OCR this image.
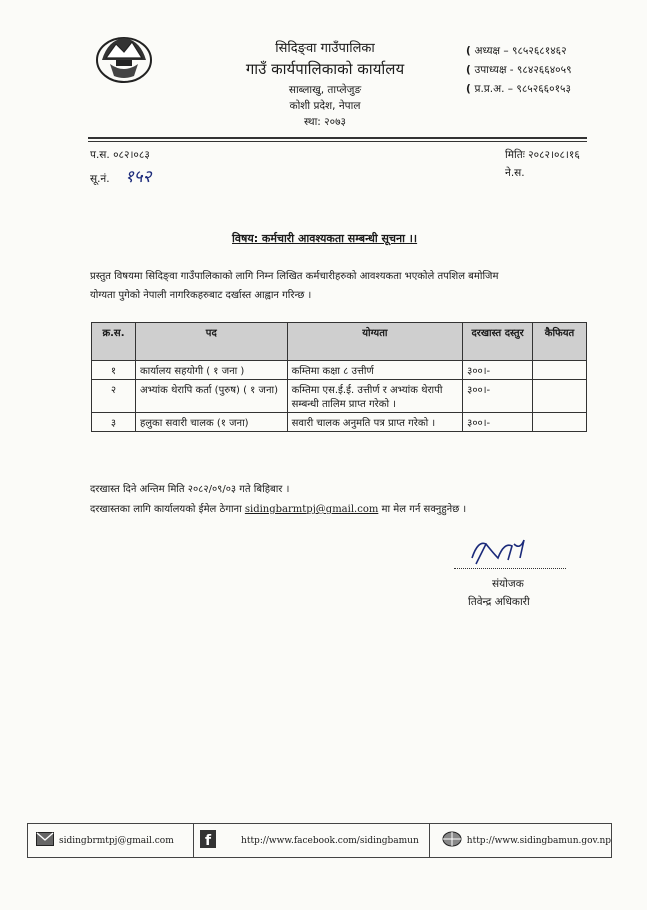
सिदिङ्वा गाउँपालिका
गाउँ कार्यपालिकाको कार्यालय
साब्लाखु, ताप्लेजुङ
कोशी प्रदेश, नेपाल
स्था: २०७३
( अध्यक्ष – ९८५२६८१४६२
( उपाध्यक्ष - ९८४२६६४०५९
( प्र.प्र.अ. – ९८५२६६०१५३
प.स. ०८२।०८३
सू.नं. १५२
मितिः २०८२।०८।१६
ने.स.
विषय: कर्मचारी आवश्यकता सम्बन्धी सूचना ।।
प्रस्तुत विषयमा सिदिङ्वा गाउँपालिकाको लागि निम्न लिखित कर्मचारीहरुको आवश्यकता भएकोले तपशिल बमोजिम
योग्यता पुगेको नेपाली नागरिकहरुबाट दर्खास्त आह्वान गरिन्छ ।
क्र.स.	पद	योग्यता	दरखास्त दस्तुर	कैफियत
१	कार्यालय सहयोगी ( १ जना )	कम्तिमा कक्षा ८ उत्तीर्ण	३००।-	
२	अभ्यांक थेरापि कर्ता (पुरुष) ( १ जना)	कम्तिमा एस.ई.ई. उत्तीर्ण र अभ्यांक थेरापी सम्बन्धी तालिम प्राप्त गरेको ।	३००।-	
३	हलुका सवारी चालक (१ जना)	सवारी चालक अनुमति पत्र प्राप्त गरेको ।	३००।-	
दरखास्त दिने अन्तिम मिति २०८२/०९/०३ गते बिहिबार ।
दरखास्तका लागि कार्यालयको ईमेल ठेगाना sidingbarmtpj@gmail.com मा मेल गर्न सक्नुहुनेछ ।
संयोजक
तिवेन्द्र अधिकारी
sidingbrmtpj@gmail.com f	http://www.facebook.com/sidingbamun	http://www.sidingbamun.gov.np
